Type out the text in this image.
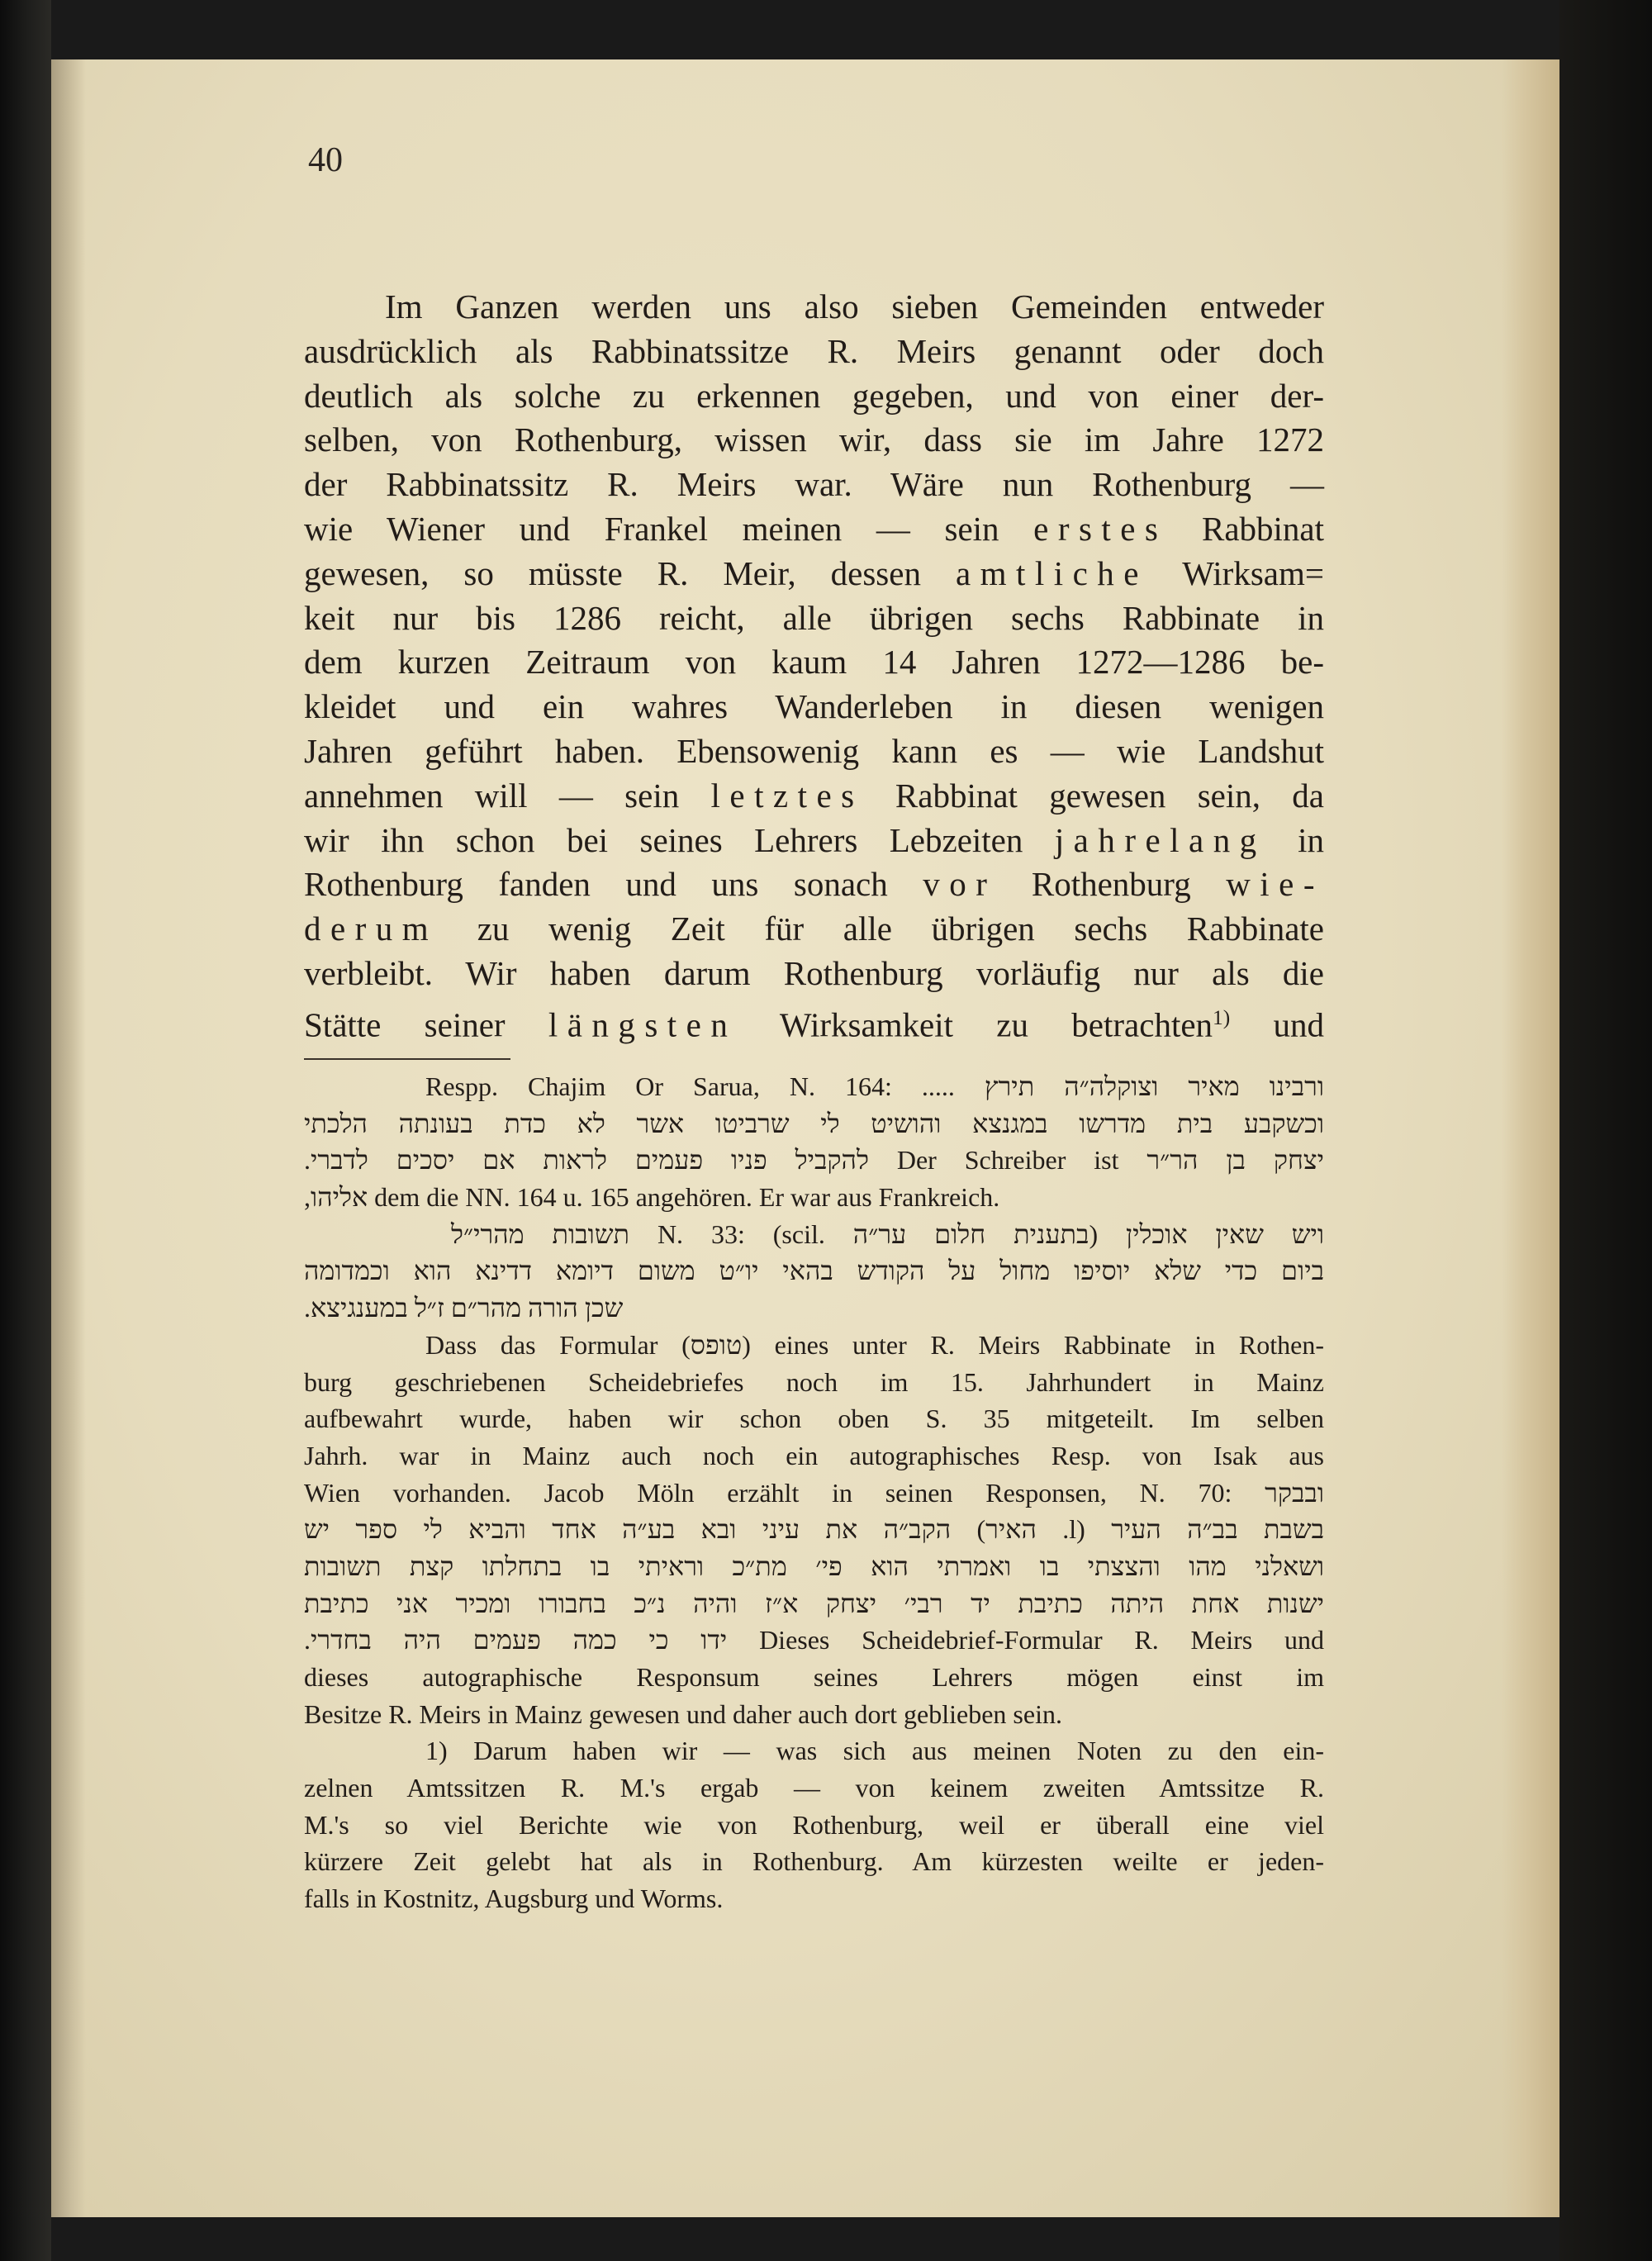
40
Im Ganzen werden uns also sieben Gemeinden entweder
ausdrücklich als Rabbinatssitze R. Meirs genannt oder doch
deutlich als solche zu erkennen gegeben, und von einer der-
selben, von Rothenburg, wissen wir, dass sie im Jahre 1272
der Rabbinatssitz R. Meirs war. Wäre nun Rothenburg —
wie Wiener und Frankel meinen — sein erstes Rabbinat
gewesen, so müsste R. Meir, dessen amtliche Wirksam=
keit nur bis 1286 reicht, alle übrigen sechs Rabbinate in
dem kurzen Zeitraum von kaum 14 Jahren 1272—1286 be-
kleidet und ein wahres Wanderleben in diesen wenigen
Jahren geführt haben. Ebensowenig kann es — wie Landshut
annehmen will — sein letztes Rabbinat gewesen sein, da
wir ihn schon bei seines Lehrers Lebzeiten jahrelang in
Rothenburg fanden und uns sonach vor Rothenburg wie-
derum zu wenig Zeit für alle übrigen sechs Rabbinate
verbleibt. Wir haben darum Rothenburg vorläufig nur als die
Stätte seiner längsten Wirksamkeit zu betrachten$^{1)}$ und
Respp. Chajim Or Sarua, N. 164: ..... ורבינו מאיר וצוקלה״ה תירץ
וכשקבע בית מדרשו במגנצא והושיט לי שרביטו אשר לא כדת בעונתה הלכתי
להקביל פניו פעמים לראות אם יסכים לדברי. Der Schreiber ist יצחק בן הר״ר
אליהו, dem die NN. 164 u. 165 angehören. Er war aus Frankreich.
תשובות מהרי״ל N. 33: (scil. ויש שאין אוכלין (בתענית חלום ער״ה
ביום כדי שלא יוסיפו מחול על הקודש בהאי יו״ט משום דיומא דדינא הוא וכמדומה
שכן הורה מהר״ם ז״ל במענגיצא.
Dass das Formular (טופס) eines unter R. Meirs Rabbinate in Rothen-
burg geschriebenen Scheidebriefes noch im 15. Jahrhundert in Mainz
aufbewahrt wurde, haben wir schon oben S. 35 mitgeteilt. Im selben
Jahrh. war in Mainz auch noch ein autographisches Resp. von Isak aus
Wien vorhanden. Jacob Möln erzählt in seinen Responsen, N. 70: ובבקר
בשבת בב״ה העיר (l. האיר) הקב״ה את עיני ובא בע״ה אחד והביא לי ספר יש
ושאלני מהו והצצתי בו ואמרתי הוא פי׳ מת״כ וראיתי בו בתחלתו קצת תשובות
ישנות אחת היתה כתיבת יד רבי׳ יצחק א״ז והיה נ״כ בחבורו ומכיר אני כתיבת
ידו כי כמה פעמים היה בחדרי. Dieses Scheidebrief-Formular R. Meirs und
dieses autographische Responsum seines Lehrers mögen einst im
Besitze R. Meirs in Mainz gewesen und daher auch dort geblieben sein.
1) Darum haben wir — was sich aus meinen Noten zu den ein-
zelnen Amtssitzen R. M.'s ergab — von keinem zweiten Amtssitze R.
M.'s so viel Berichte wie von Rothenburg, weil er überall eine viel
kürzere Zeit gelebt hat als in Rothenburg. Am kürzesten weilte er jeden-
falls in Kostnitz, Augsburg und Worms.
